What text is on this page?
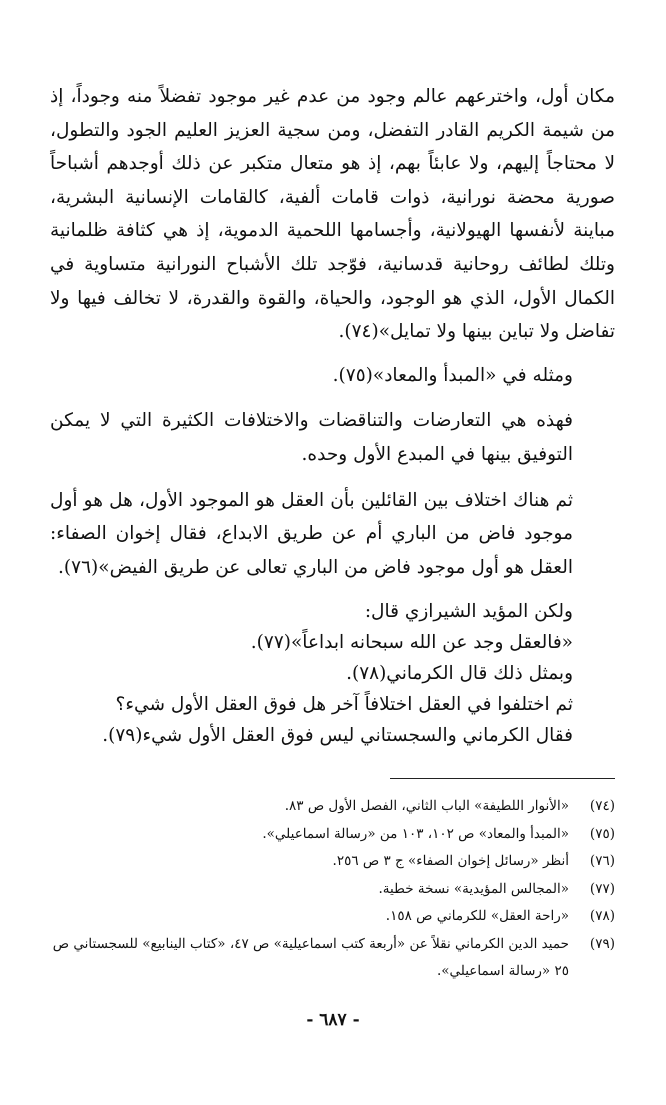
مكان أول، واخترعهم عالم وجود من عدم غير موجود تفضلاً منه وجوداً، إذ من شيمة الكريم القادر التفضل، ومن سجية العزيز العليم الجود والتطول، لا محتاجاً إليهم، ولا عابئاً بهم، إذ هو متعال متكبر عن ذلك أوجدهم أشباحاً صورية محضة نورانية، ذوات قامات ألفية، كالقامات الإنسانية البشرية، مباينة لأنفسها الهيولانية، وأجسامها اللحمية الدموية، إذ هي كثافة ظلمانية وتلك لطائف روحانية قدسانية، فوّجد تلك الأشباح النورانية متساوية في الكمال الأول، الذي هو الوجود، والحياة، والقوة والقدرة، لا تخالف فيها ولا تفاضل ولا تباين بينها ولا تمايل»(٧٤).

ومثله في «المبدأ والمعاد»(٧٥).

فهذه هي التعارضات والتناقضات والاختلافات الكثيرة التي لا يمكن التوفيق بينها في المبدع الأول وحده.

ثم هناك اختلاف بين القائلين بأن العقل هو الموجود الأول، هل هو أول موجود فاض من الباري أم عن طريق الابداع، فقال إخوان الصفاء: العقل هو أول موجود فاض من الباري تعالى عن طريق الفيض»(٧٦).

ولكن المؤيد الشيرازي قال:

«فالعقل وجد عن الله سبحانه ابداعاً»(٧٧).

وبمثل ذلك قال الكرماني(٧٨).

ثم اختلفوا في العقل اختلافاً آخر هل فوق العقل الأول شيء؟

فقال الكرماني والسجستاني ليس فوق العقل الأول شيء(٧٩).

(٧٤)
«الأنوار اللطيفة» الباب الثاني، الفصل الأول ص ٨٣.

(٧٥)
«المبدأ والمعاد» ص ١٠٢، ١٠٣ من «رسالة اسماعيلي».

(٧٦)
أنظر «رسائل إخوان الصفاء» ج ٣ ص ٢٥٦.

(٧٧)
«المجالس المؤيدية» نسخة خطية.

(٧٨)
«راحة العقل» للكرماني ص ١٥٨.

(٧٩)
حميد الدين الكرماني نقلاً عن «أربعة كتب اسماعيلية» ص ٤٧، «كتاب الينابيع» للسجستاني ص ٢٥ «رسالة اسماعيلي».

- ٦٨٧ -
